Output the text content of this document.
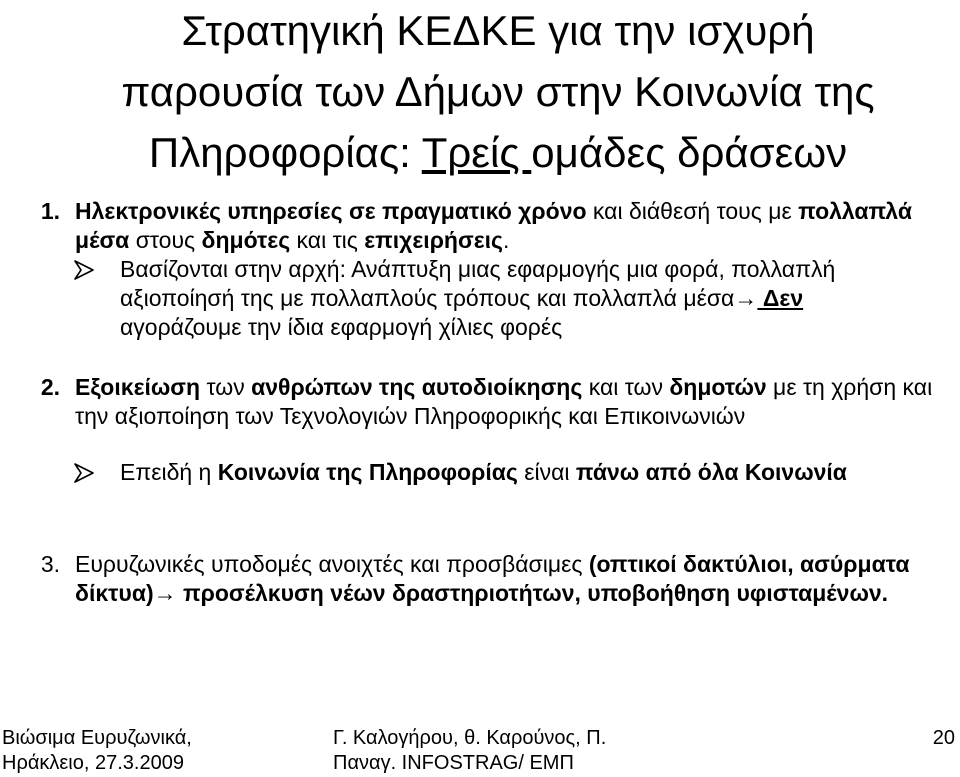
Στρατηγική ΚΕΔΚΕ για την ισχυρή
παρουσία των Δήμων στην Κοινωνία της
Πληροφορίας: Τρείς ομάδες δράσεων
1. Ηλεκτρονικές υπηρεσίες σε πραγματικό χρόνο και διάθεσή τους με πολλαπλά μέσα στους δημότες και τις επιχειρήσεις.
Βασίζονται στην αρχή: Ανάπτυξη μιας εφαρμογής μια φορά, πολλαπλή αξιοποίησή της με πολλαπλούς τρόπους και πολλαπλά μέσα→ Δεν αγοράζουμε την ίδια εφαρμογή χίλιες φορές
2. Εξοικείωση των ανθρώπων της αυτοδιοίκησης και των δημοτών με τη χρήση και την αξιοποίηση των Τεχνολογιών Πληροφορικής και Επικοινωνιών
Επειδή η Κοινωνία της Πληροφορίας είναι πάνω από όλα Κοινωνία
3. Ευρυζωνικές υποδομές ανοιχτές και προσβάσιμες (οπτικοί δακτύλιοι, ασύρματα δίκτυα)→ προσέλκυση νέων δραστηριοτήτων, υποβοήθηση υφισταμένων.
Βιώσιμα Ευρυζωνικά,
Ηράκλειο, 27.3.2009
Γ. Καλογήρου, θ. Καρούνος, Π.
Παναγ. INFOSTRAG/ ΕΜΠ
20
